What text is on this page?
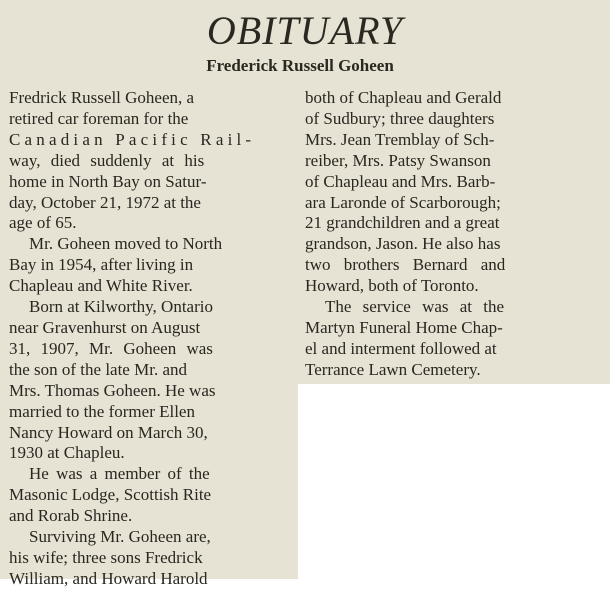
OBITUARY
Frederick Russell Goheen
Fredrick Russell Goheen, a
retired car foreman for the
Canadian Pacific Rail-
way, died suddenly at his
home in North Bay on Satur-
day, October 21, 1972 at the
age of 65.
Mr. Goheen moved to North
Bay in 1954, after living in
Chapleau and White River.
Born at Kilworthy, Ontario
near Gravenhurst on August
31, 1907, Mr. Goheen was
the son of the late Mr. and
Mrs. Thomas Goheen. He was
married to the former Ellen
Nancy Howard on March 30,
1930 at Chapleu.
He was a member of the
Masonic Lodge, Scottish Rite
and Rorab Shrine.
Surviving Mr. Goheen are,
his wife; three sons Fredrick
William, and Howard Harold
both of Chapleau and Gerald
of Sudbury; three daughters
Mrs. Jean Tremblay of Sch-
reiber, Mrs. Patsy Swanson
of Chapleau and Mrs. Barb-
ara Laronde of Scarborough;
21 grandchildren and a great
grandson, Jason. He also has
two brothers Bernard and
Howard, both of Toronto.
The service was at the
Martyn Funeral Home Chap-
el and interment followed at
Terrance Lawn Cemetery.
